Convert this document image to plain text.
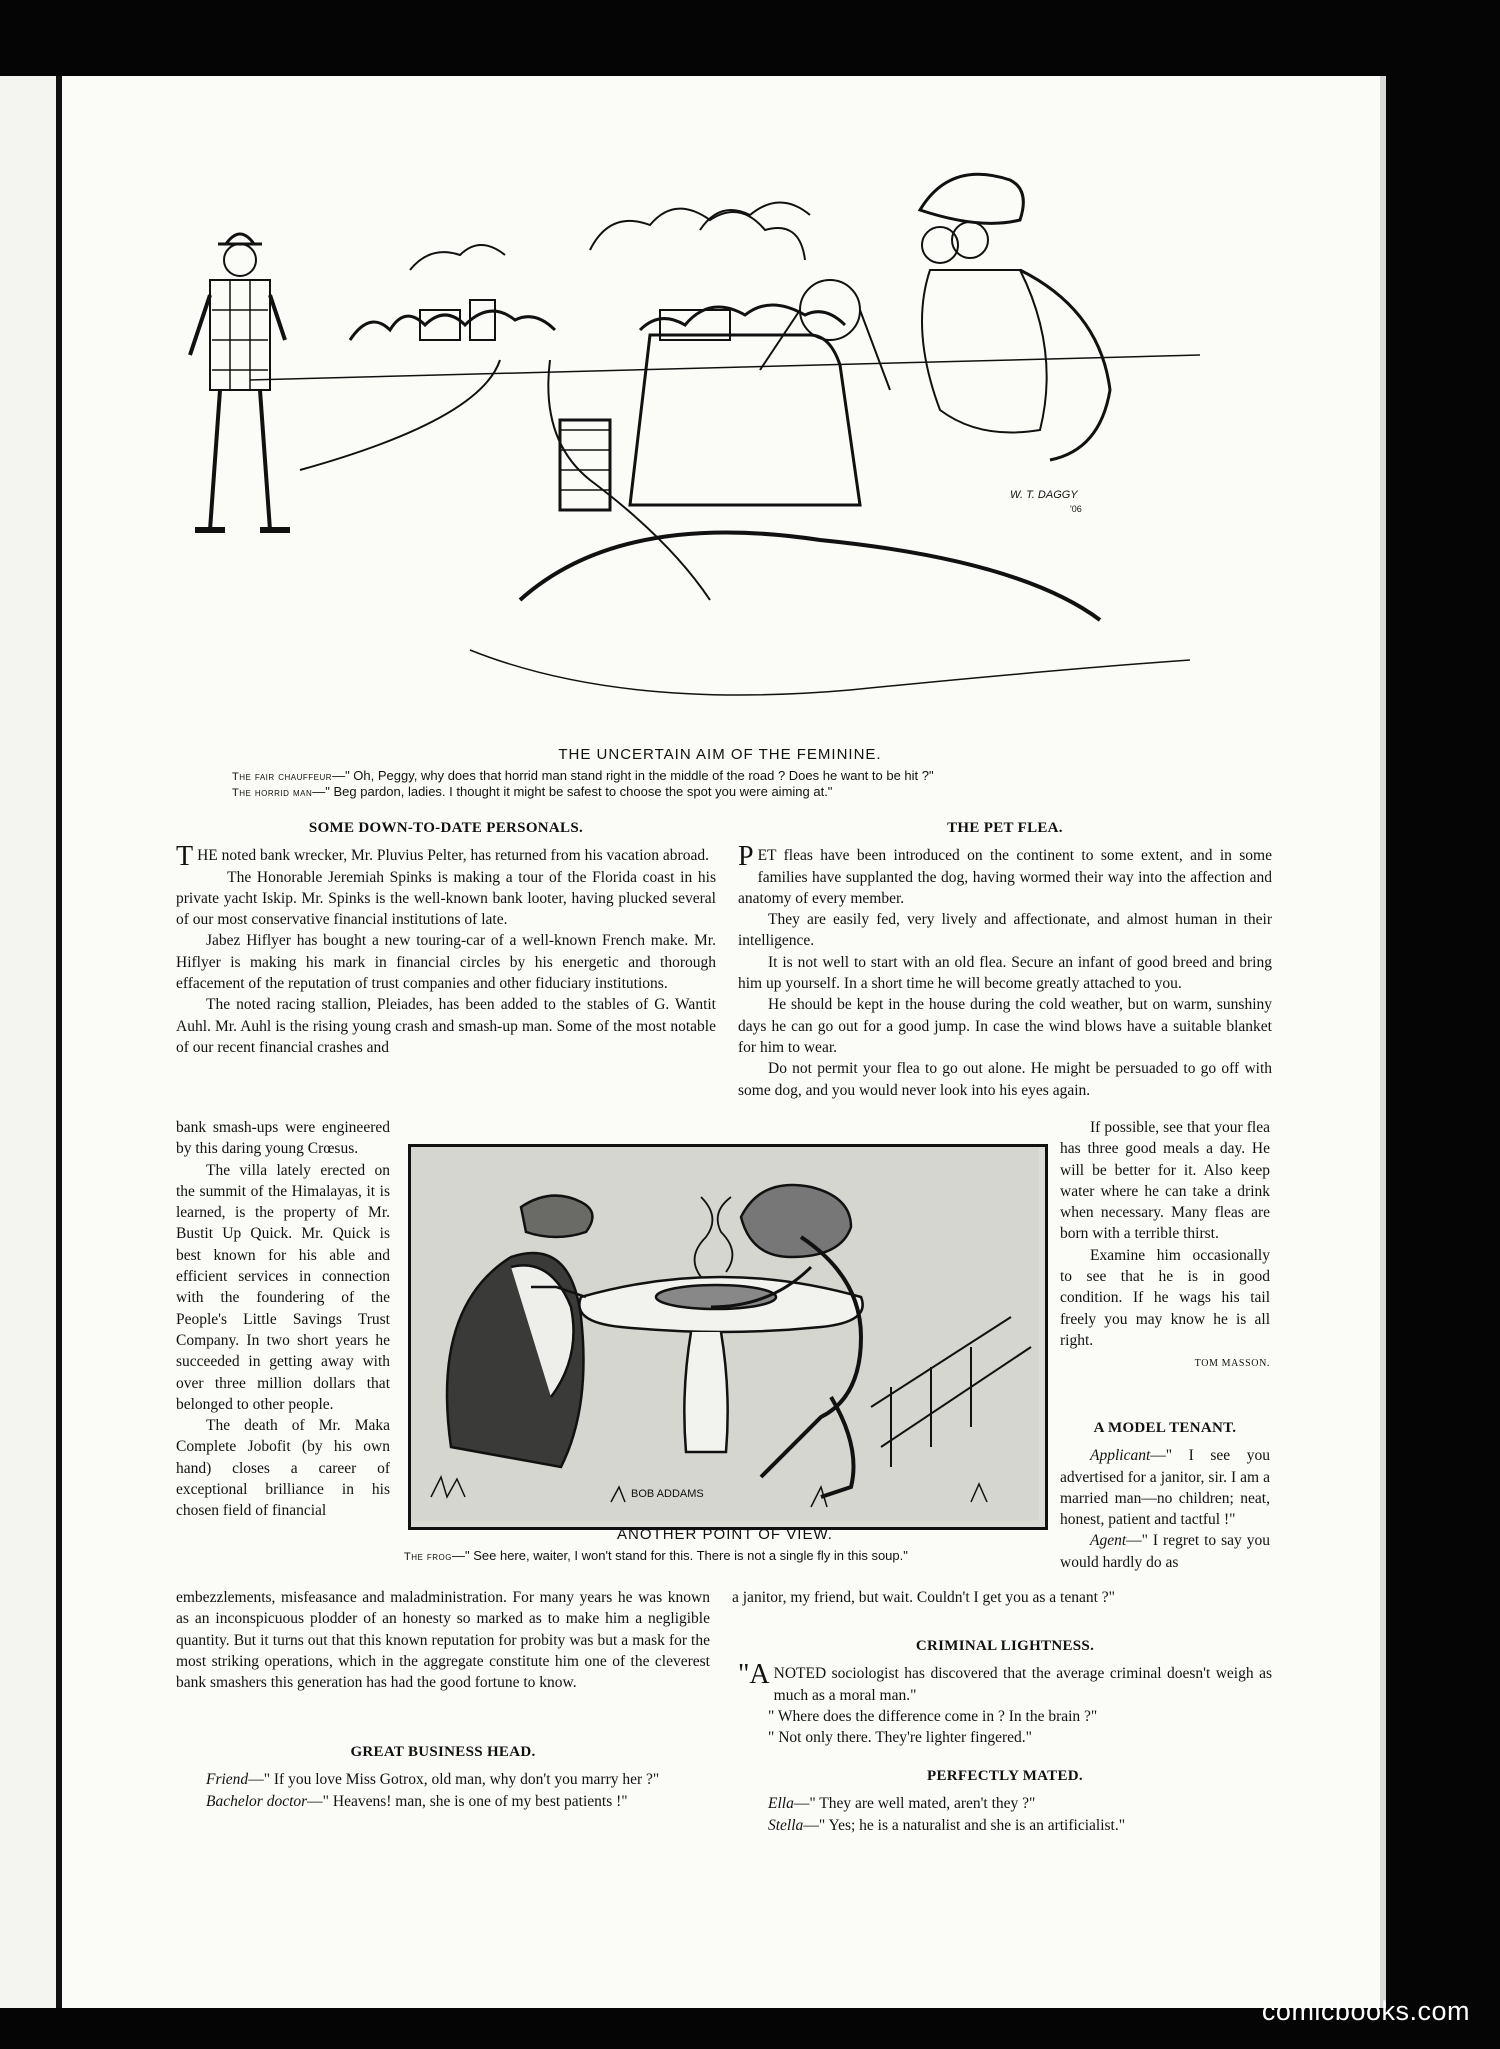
W. T. DAGGY
'06
THE UNCERTAIN AIM OF THE FEMININE.
The fair chauffeur—" Oh, Peggy, why does that horrid man stand right in the middle of the road ? Does he want to be hit ?"
The horrid man—" Beg pardon, ladies. I thought it might be safest to choose the spot you were aiming at."
SOME DOWN-TO-DATE PERSONALS.

THE noted bank wrecker, Mr. Pluvius Pelter, has returned from his vacation abroad.

The Honorable Jeremiah Spinks is making a tour of the Florida coast in his private yacht Iskip. Mr. Spinks is the well-known bank looter, having plucked several of our most conservative financial institutions of late.

Jabez Hiflyer has bought a new touring-car of a well-known French make. Mr. Hiflyer is making his mark in financial circles by his energetic and thorough effacement of the reputation of trust companies and other fiduciary institutions.

The noted racing stallion, Pleiades, has been added to the stables of G. Wantit Auhl. Mr. Auhl is the rising young crash and smash-up man. Some of the most notable of our recent financial crashes and

bank smash-ups were engineered by this daring young Crœsus.

The villa lately erected on the summit of the Himalayas, it is learned, is the property of Mr. Bustit Up Quick. Mr. Quick is best known for his able and efficient services in connection with the foundering of the People's Little Savings Trust Company. In two short years he succeeded in getting away with over three million dollars that belonged to other people.

The death of Mr. Maka Complete Jobofit (by his own hand) closes a career of exceptional brilliance in his chosen field of financial

embezzlements, misfeasance and maladministration. For many years he was known as an inconspicuous plodder of an honesty so marked as to make him a negligible quantity. But it turns out that this known reputation for probity was but a mask for the most striking operations, which in the aggregate constitute him one of the cleverest bank smashers this generation has had the good fortune to know.

GREAT BUSINESS HEAD.

Friend—" If you love Miss Gotrox, old man, why don't you marry her ?"

Bachelor doctor—" Heavens! man, she is one of my best patients !"

BOB ADDAMS
ANOTHER POINT OF VIEW.
The frog—" See here, waiter, I won't stand for this. There is not a single fly in this soup."
THE PET FLEA.

PET fleas have been introduced on the continent to some extent, and in some families have supplanted the dog, having wormed their way into the affection and anatomy of every member.

They are easily fed, very lively and affectionate, and almost human in their intelligence.

It is not well to start with an old flea. Secure an infant of good breed and bring him up yourself. In a short time he will become greatly attached to you.

He should be kept in the house during the cold weather, but on warm, sunshiny days he can go out for a good jump. In case the wind blows have a suitable blanket for him to wear.

Do not permit your flea to go out alone. He might be persuaded to go off with some dog, and you would never look into his eyes again.

If possible, see that your flea has three good meals a day. He will be better for it. Also keep water where he can take a drink when necessary. Many fleas are born with a terrible thirst.

Examine him occasionally to see that he is in good condition. If he wags his tail freely you may know he is all right.

TOM MASSON.
A MODEL TENANT.

Applicant—" I see you advertised for a janitor, sir. I am a married man—no children; neat, honest, patient and tactful !"

Agent—" I regret to say you would hardly do as

a janitor, my friend, but wait. Couldn't I get you as a tenant ?"

CRIMINAL LIGHTNESS.

"ANOTED sociologist has discovered that the average criminal doesn't weigh as much as a moral man."

" Where does the difference come in ? In the brain ?"

" Not only there. They're lighter fingered."

PERFECTLY MATED.

Ella—" They are well mated, aren't they ?"

Stella—" Yes; he is a naturalist and she is an artificialist."

comicbooks.com
